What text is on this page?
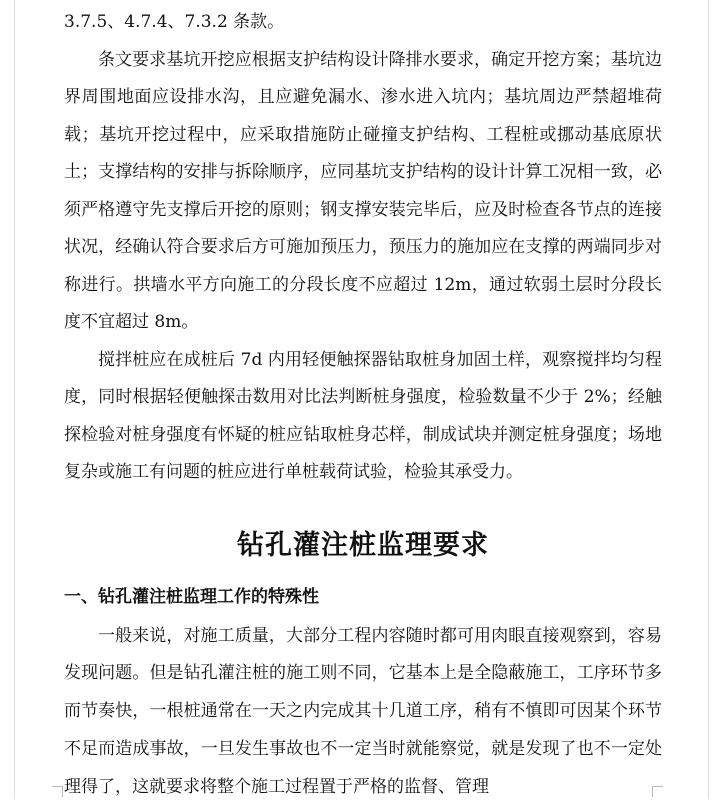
3.7.5、4.7.4、7.3.2 条款。

条文要求基坑开挖应根据支护结构设计降排水要求，确定开挖方案；基坑边界周围地面应设排水沟，且应避免漏水、渗水进入坑内；基坑周边严禁超堆荷载；基坑开挖过程中，应采取措施防止碰撞支护结构、工程桩或挪动基底原状土；支撑结构的安排与拆除顺序，应同基坑支护结构的设计计算工况相一致，必须严格遵守先支撑后开挖的原则；钢支撑安装完毕后，应及时检查各节点的连接状况，经确认符合要求后方可施加预压力，预压力的施加应在支撑的两端同步对称进行。拱墙水平方向施工的分段长度不应超过 12m，通过软弱土层时分段长度不宜超过 8m。

搅拌桩应在成桩后 7d 内用轻便触探器钻取桩身加固土样，观察搅拌均匀程度，同时根据轻便触探击数用对比法判断桩身强度，检验数量不少于 2%；经触探检验对桩身强度有怀疑的桩应钻取桩身芯样，制成试块并测定桩身强度；场地复杂或施工有问题的桩应进行单桩载荷试验，检验其承受力。

钻孔灌注桩监理要求
一、钻孔灌注桩监理工作的特殊性

一般来说，对施工质量，大部分工程内容随时都可用肉眼直接观察到，容易发现问题。但是钻孔灌注桩的施工则不同，它基本上是全隐蔽施工，工序环节多而节奏快，一根桩通常在一天之内完成其十几道工序，稍有不慎即可因某个环节不足而造成事故，一旦发生事故也不一定当时就能察觉，就是发现了也不一定处理得了，这就要求将整个施工过程置于严格的监督、管理
